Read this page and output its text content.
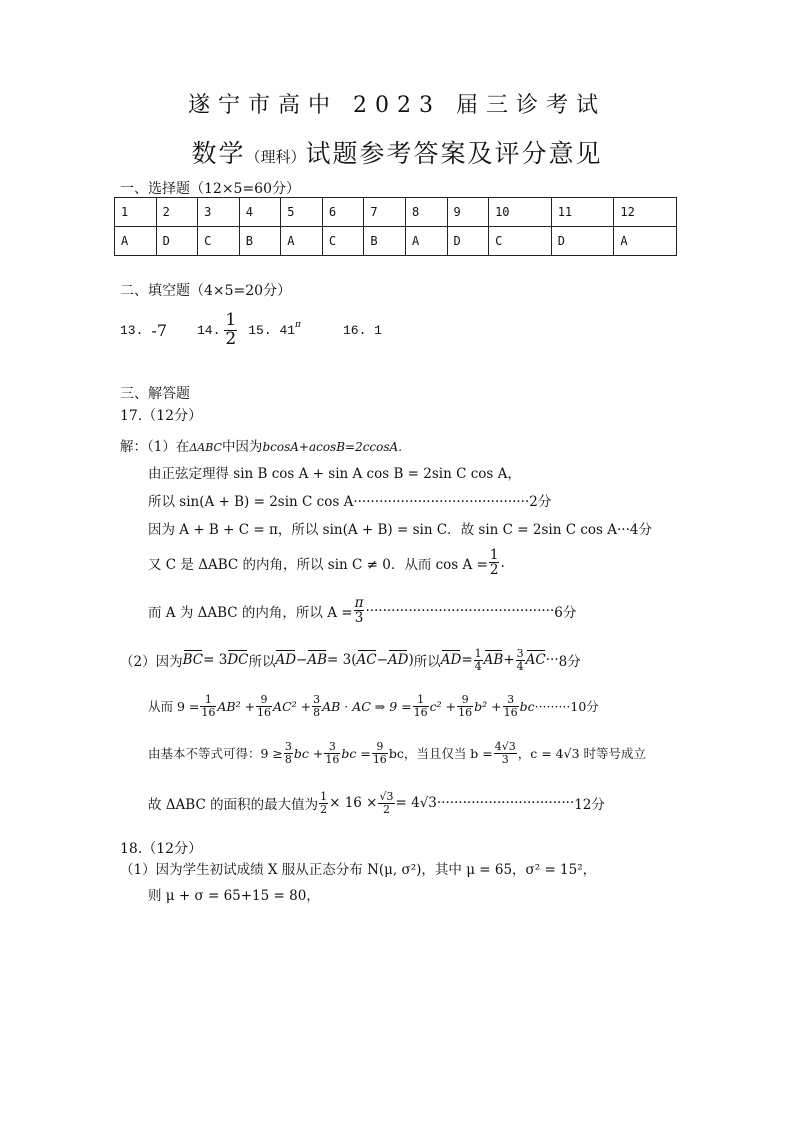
遂宁市高中 2023 届三诊考试
数学（理科）试题参考答案及评分意见
一、选择题（12×5=60分）
1	2	3	4	5	6	7	8	9	10	11	12
A	D	C	B	A	C	B	A	D	C	D	A
二、填空题（4×5=20分）
13. -7 14. $\frac{1}{2} 15$. 41 π	16. 1
三、解答题
17.（12分）
解：（1）在ΔABC中因为bcosA+acosB=2ccosA.
由正弦定理得 sin B cos A + sin A cos B = 2sin C cos A，
所以 sin(A + B) = 2sin C cos A·········································2分
因为 A + B + C = π，所以 sin(A + B) = sin C．故 sin C = 2sin C cos A···4分
又 C 是 ΔABC 的内角，所以 sin C ≠ 0．从而 $\cos A = \frac{1}{2}$ .
而 A 为 ΔABC 的内角，所以 $A = \frac{\pi}{3}$ ············································ 6分
（2）因为 BC = 3 DC 所以 AD − AB = 3( AC − AD ) 所以 AD = $\frac{1}{4}$ AB + $\frac{3}{4}$ AC ··· 8分
从而 $9 = \frac{1}{16} AB^2 + \frac{9}{16} AC^2 + \frac{3}{8}$ AB · AC ⇒ $9 = \frac{1}{16} c^2 + \frac{9}{16} b^2 + \frac{3}{16}$ bc ········· 10分
由基本不等式可得：$9 \ge \frac{3}{8}$ bc + $\frac{3}{16}$ bc = $\frac{9}{16}$ bc，当且仅当 $b = \frac{4√3}{3}$ ，c = 4√3 时等号成立
故 ΔABC 的面积的最大值为 $\frac{1}{2} \times 16 \times \frac{√3}{2} = 4√3$ ································ 12分
18.（12分）
（1）因为学生初试成绩 X 服从正态分布 N(μ, σ²)，其中 μ = 65，σ² = 15²，
则 μ + σ = 65+15 = 80，
